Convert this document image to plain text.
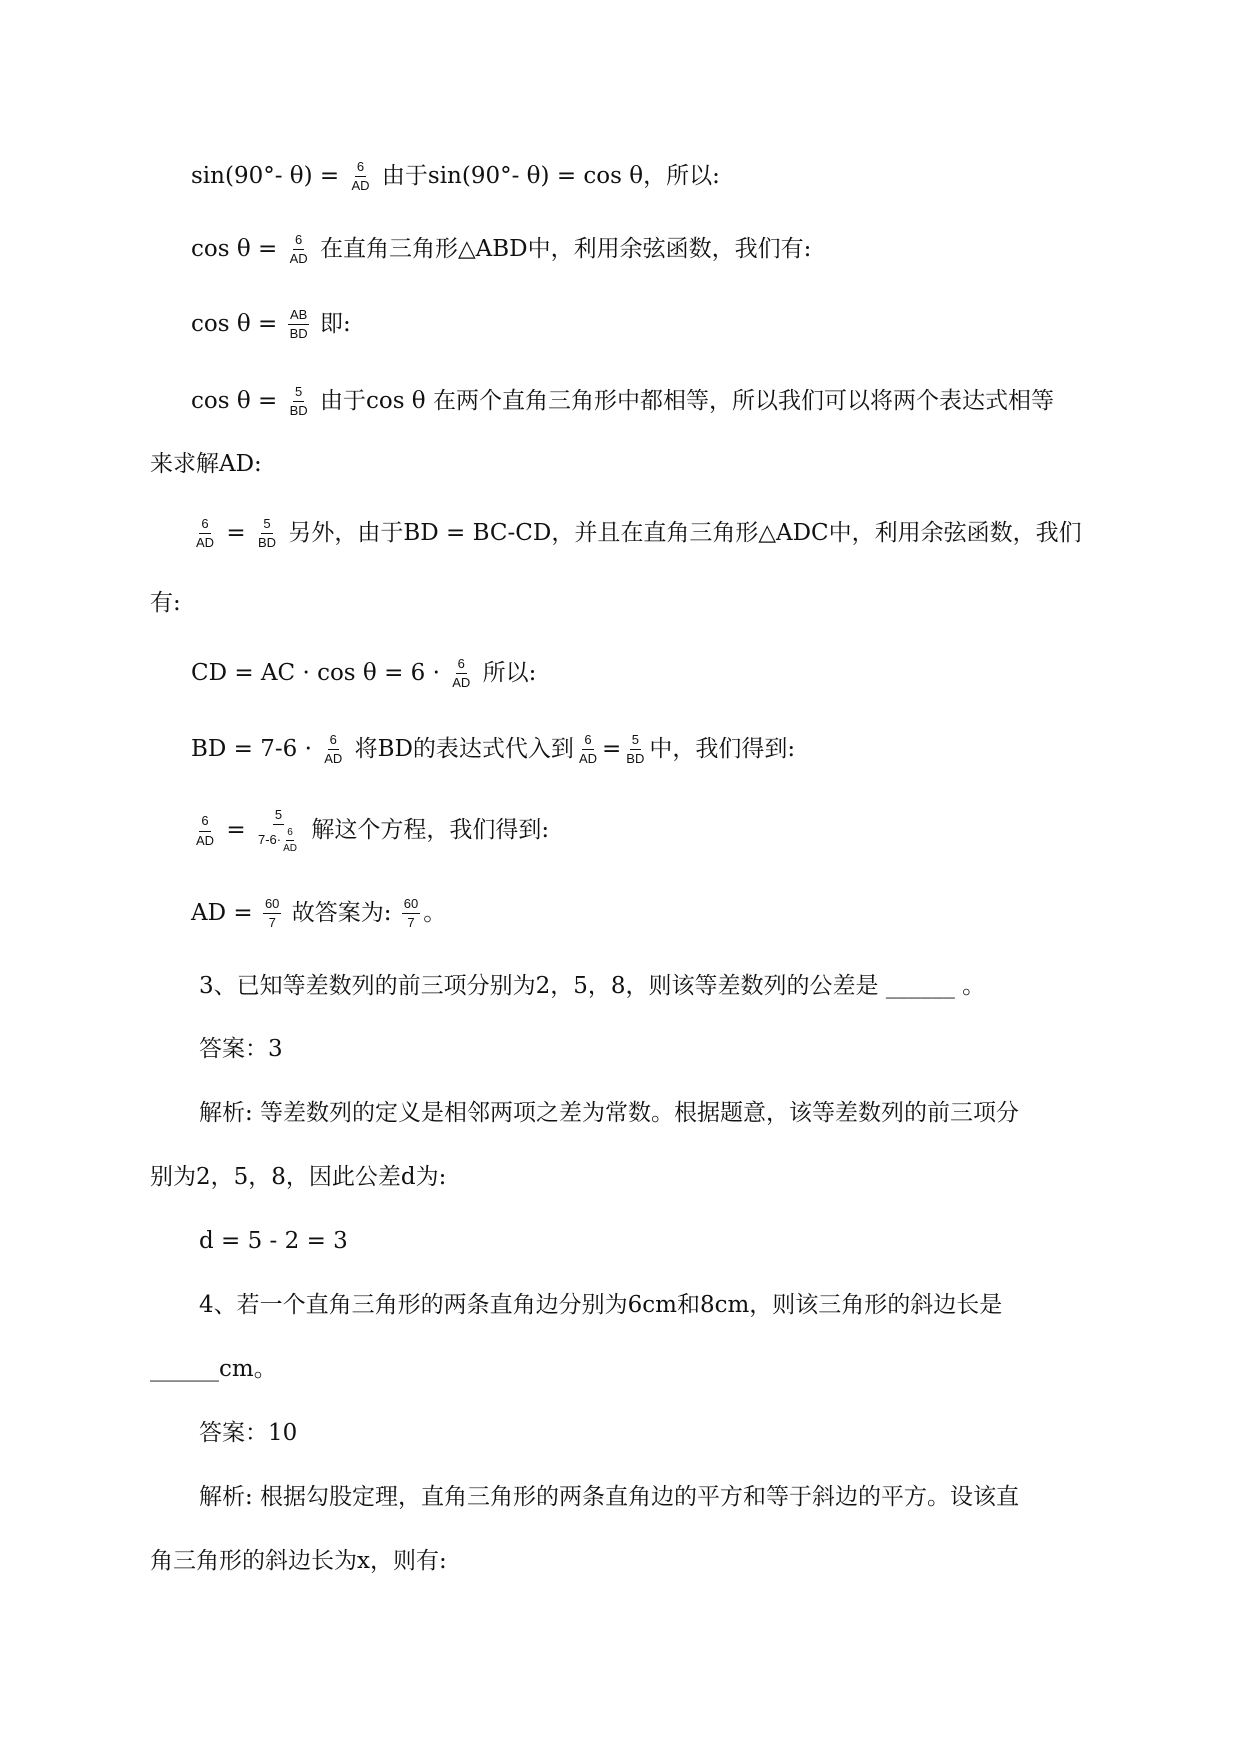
sin(90°- $\theta) = \frac{6}{AD}$ 由于sin(90°- θ) = cos θ，所以:
$\cos \theta = \frac{6}{AD}$ 在直角三角形△ABD中，利用余弦函数，我们有:
$\cos \theta = \frac{AB}{BD}$ 即:
$\cos \theta = \frac{5}{BD}$ 由于cos θ 在两个直角三角形中都相等，所以我们可以将两个表达式相等
来求解AD:
$\frac{6}{AD} = \frac{5}{BD}$ 另外，由于BD = BC-CD，并且在直角三角形△ADC中，利用余弦函数，我们
有:
CD = AC · $\cos \theta = 6 \cdot \frac{6}{AD}$ 所以:
BD = $7-6 \cdot \frac{6}{AD}$ 将BD的表达式代入到 $\frac{6}{AD} = \frac{5}{BD}$ 中，我们得到:
$\frac{6}{AD} = \frac{5}{7-6\cdot \frac{6}{AD}}$ 解这个方程，我们得到:
AD = $\frac{60}{7}$ 故答案为: $\frac{60}{7}$ 。
3、已知等差数列的前三项分别为2，5，8，则该等差数列的公差是 ______ 。
答案：3
解析: 等差数列的定义是相邻两项之差为常数。根据题意，该等差数列的前三项分
别为2，5，8，因此公差d为:
d = 5 - 2 = 3
4、若一个直角三角形的两条直角边分别为6cm和8cm，则该三角形的斜边长是
______cm。
答案：10
解析: 根据勾股定理，直角三角形的两条直角边的平方和等于斜边的平方。设该直
角三角形的斜边长为x，则有:
